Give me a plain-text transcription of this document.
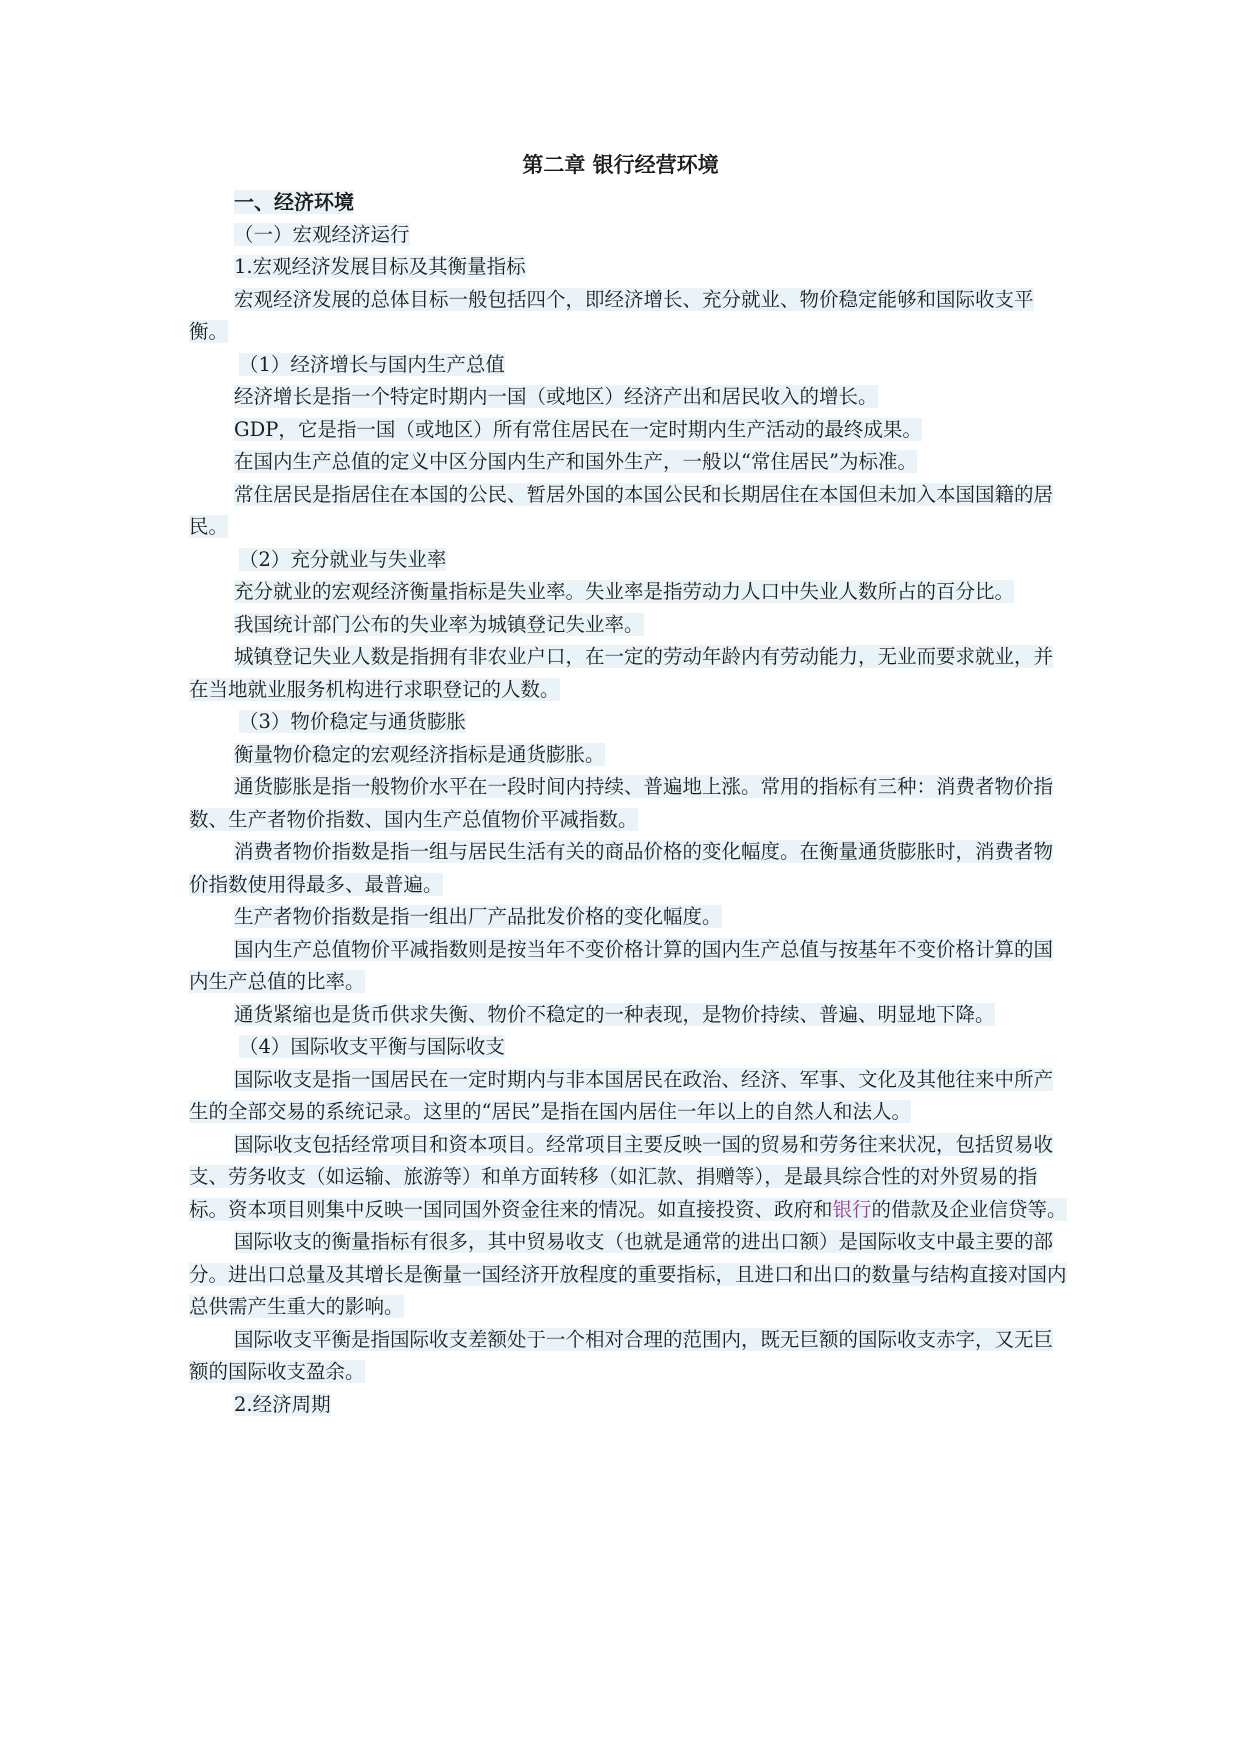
第二章 银行经营环境

一、经济环境

（一）宏观经济运行

1.宏观经济发展目标及其衡量指标

宏观经济发展的总体目标一般包括四个，即经济增长、充分就业、物价稳定能够和国际收支平衡。

（1）经济增长与国内生产总值

经济增长是指一个特定时期内一国（或地区）经济产出和居民收入的增长。

GDP，它是指一国（或地区）所有常住居民在一定时期内生产活动的最终成果。

在国内生产总值的定义中区分国内生产和国外生产，一般以“常住居民”为标准。

常住居民是指居住在本国的公民、暂居外国的本国公民和长期居住在本国但未加入本国国籍的居民。

（2）充分就业与失业率

充分就业的宏观经济衡量指标是失业率。失业率是指劳动力人口中失业人数所占的百分比。

我国统计部门公布的失业率为城镇登记失业率。

城镇登记失业人数是指拥有非农业户口，在一定的劳动年龄内有劳动能力，无业而要求就业，并在当地就业服务机构进行求职登记的人数。

（3）物价稳定与通货膨胀

衡量物价稳定的宏观经济指标是通货膨胀。

通货膨胀是指一般物价水平在一段时间内持续、普遍地上涨。常用的指标有三种：消费者物价指数、生产者物价指数、国内生产总值物价平减指数。

消费者物价指数是指一组与居民生活有关的商品价格的变化幅度。在衡量通货膨胀时，消费者物价指数使用得最多、最普遍。

生产者物价指数是指一组出厂产品批发价格的变化幅度。

国内生产总值物价平减指数则是按当年不变价格计算的国内生产总值与按基年不变价格计算的国内生产总值的比率。

通货紧缩也是货币供求失衡、物价不稳定的一种表现，是物价持续、普遍、明显地下降。

（4）国际收支平衡与国际收支

国际收支是指一国居民在一定时期内与非本国居民在政治、经济、军事、文化及其他往来中所产生的全部交易的系统记录。这里的“居民”是指在国内居住一年以上的自然人和法人。

国际收支包括经常项目和资本项目。经常项目主要反映一国的贸易和劳务往来状况，包括贸易收支、劳务收支（如运输、旅游等）和单方面转移（如汇款、捐赠等），是最具综合性的对外贸易的指标。资本项目则集中反映一国同国外资金往来的情况。如直接投资、政府和银行的借款及企业信贷等。

国际收支的衡量指标有很多，其中贸易收支（也就是通常的进出口额）是国际收支中最主要的部分。进出口总量及其增长是衡量一国经济开放程度的重要指标，且进口和出口的数量与结构直接对国内总供需产生重大的影响。

国际收支平衡是指国际收支差额处于一个相对合理的范围内，既无巨额的国际收支赤字，又无巨额的国际收支盈余。

2.经济周期
